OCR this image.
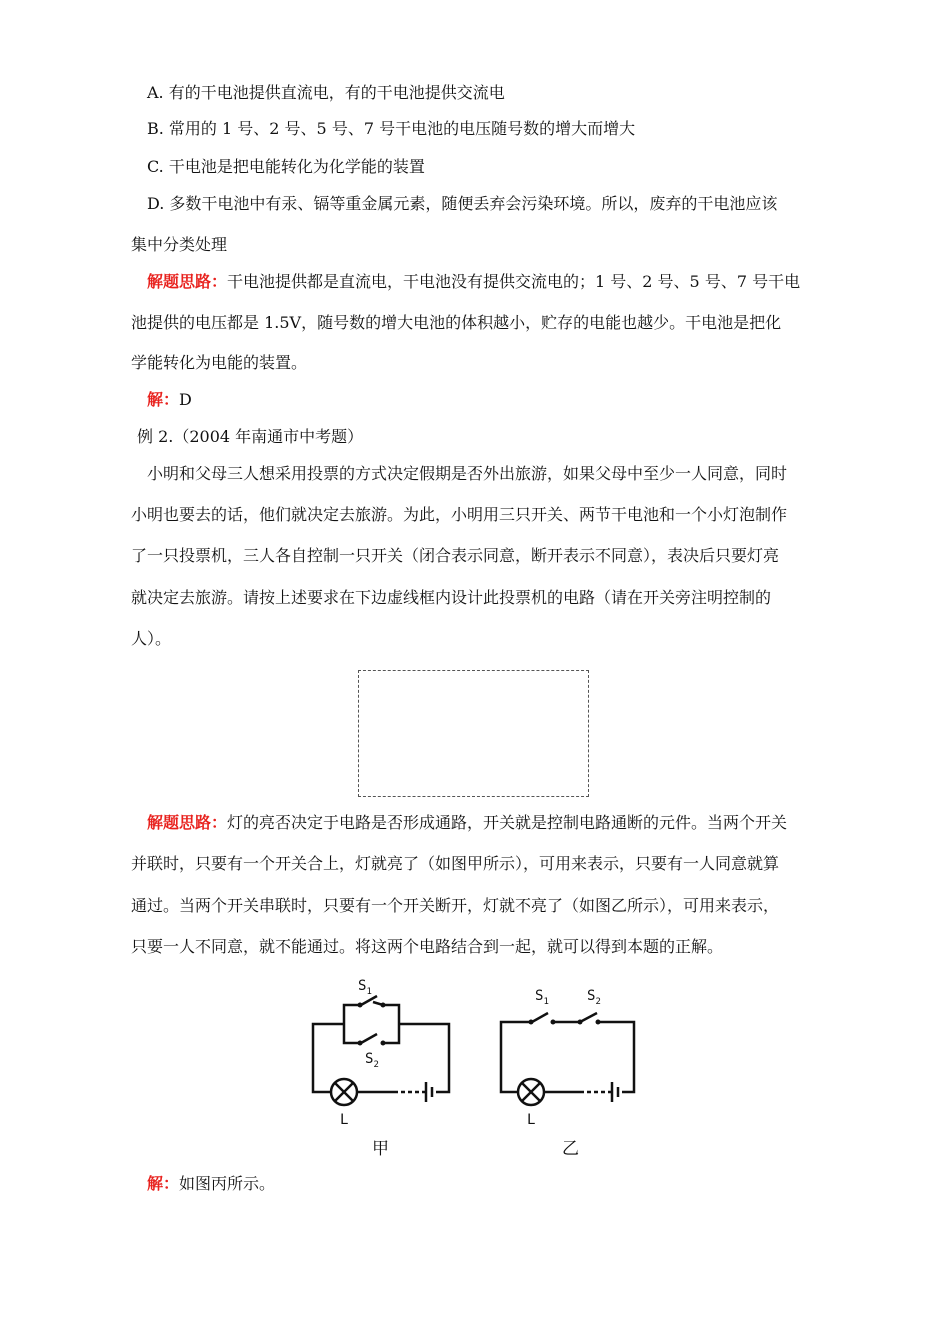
A. 有的干电池提供直流电，有的干电池提供交流电
B. 常用的 1 号、2 号、5 号、7 号干电池的电压随号数的增大而增大
C. 干电池是把电能转化为化学能的装置
D. 多数干电池中有汞、镉等重金属元素，随便丢弃会污染环境。所以，废弃的干电池应该
集中分类处理
解题思路：干电池提供都是直流电，干电池没有提供交流电的；1 号、2 号、5 号、7 号干电
池提供的电压都是 1.5V，随号数的增大电池的体积越小，贮存的电能也越少。干电池是把化
学能转化为电能的装置。
解：D
例 2.（2004 年南通市中考题）
小明和父母三人想采用投票的方式决定假期是否外出旅游，如果父母中至少一人同意，同时
小明也要去的话，他们就决定去旅游。为此，小明用三只开关、两节干电池和一个小灯泡制作
了一只投票机，三人各自控制一只开关（闭合表示同意，断开表示不同意），表决后只要灯亮
就决定去旅游。请按上述要求在下边虚线框内设计此投票机的电路（请在开关旁注明控制的
人）。
解题思路：灯的亮否决定于电路是否形成通路，开关就是控制电路通断的元件。当两个开关
并联时，只要有一个开关合上，灯就亮了（如图甲所示），可用来表示，只要有一人同意就算
通过。当两个开关串联时，只要有一个开关断开，灯就不亮了（如图乙所示），可用来表示，
只要一人不同意，就不能通过。将这两个电路结合到一起，就可以得到本题的正解。
$S_1$
$S_2$
L
甲
$S_1$	$S_2$
L
乙
解：如图丙所示。
